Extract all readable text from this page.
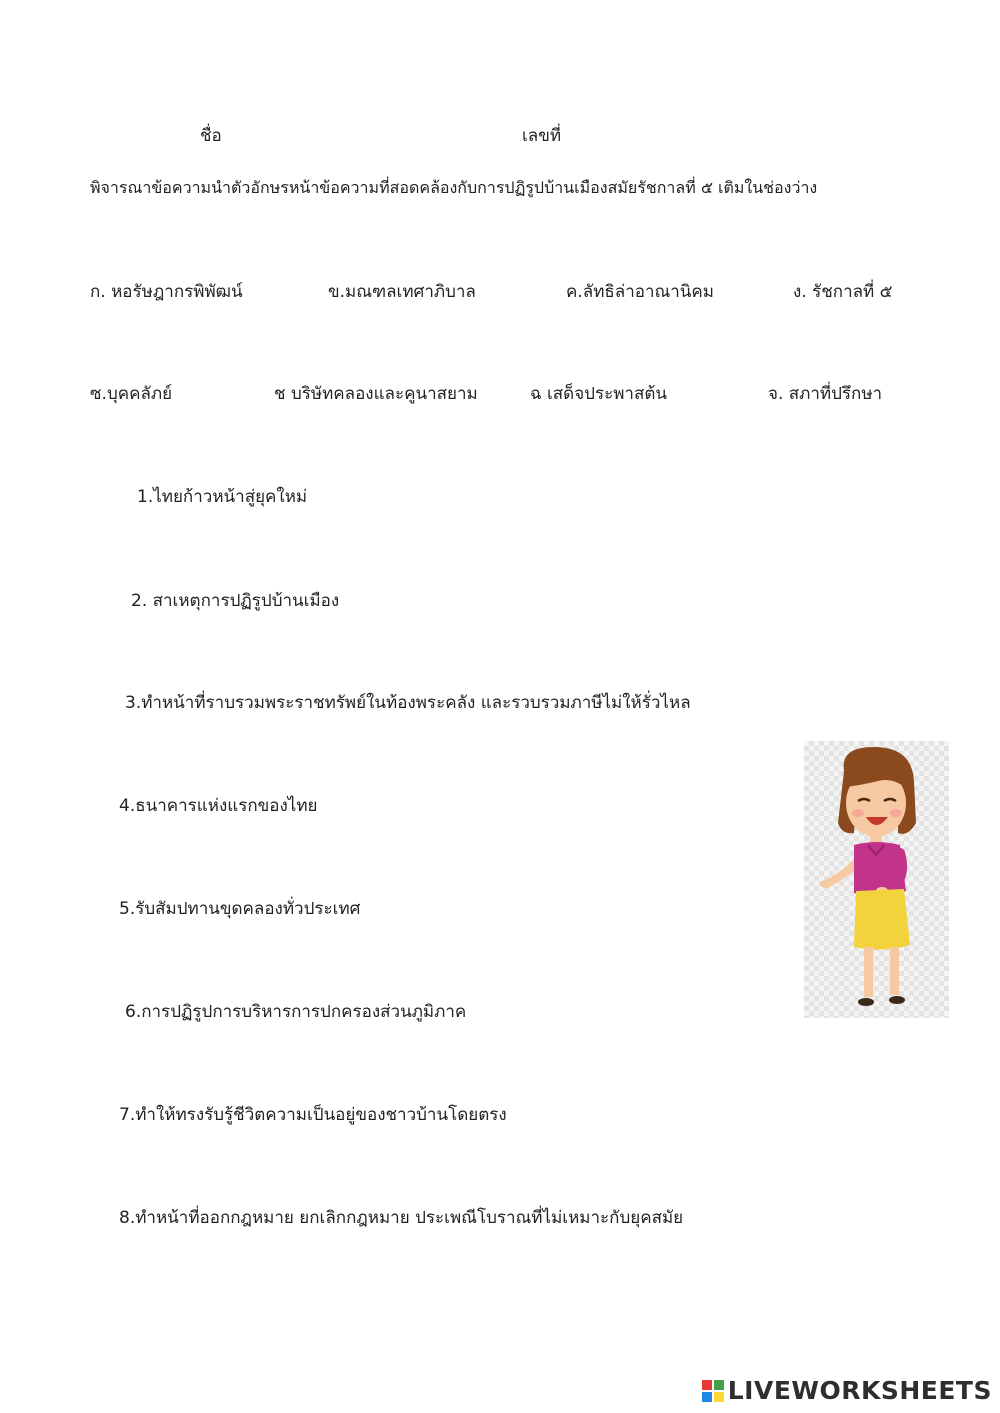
ชื่อ	เลขที่
พิจารณาข้อความนำตัวอักษรหน้าข้อความที่สอดคล้องกับการปฏิรูปบ้านเมืองสมัยรัชกาลที่ ๕ เติมในช่องว่าง
ก. หอรัษฎากรพิพัฒน์	ข.มณฑลเทศาภิบาล	ค.ลัทธิล่าอาณานิคม	ง. รัชกาลที่ ๕
ซ.บุคคลัภย์	ช บริษัทคลองและคูนาสยาม	ฉ เสด็จประพาสต้น	จ. สภาที่ปรึกษา
1.ไทยก้าวหน้าสู่ยุคใหม่
2. สาเหตุการปฏิรูปบ้านเมือง
3.ทำหน้าที่ราบรวมพระราชทรัพย์ในท้องพระคลัง และรวบรวมภาษีไม่ให้รั่วไหล
4.ธนาคารแห่งแรกของไทย
5.รับสัมปทานขุดคลองทั่วประเทศ
6.การปฏิรูปการบริหารการปกครองส่วนภูมิภาค
7.ทำให้ทรงรับรู้ชีวิตความเป็นอยู่ของชาวบ้านโดยตรง
8.ทำหน้าที่ออกกฎหมาย ยกเลิกกฎหมาย ประเพณีโบราณที่ไม่เหมาะกับยุคสมัย
LIVEWORKSHEETS
